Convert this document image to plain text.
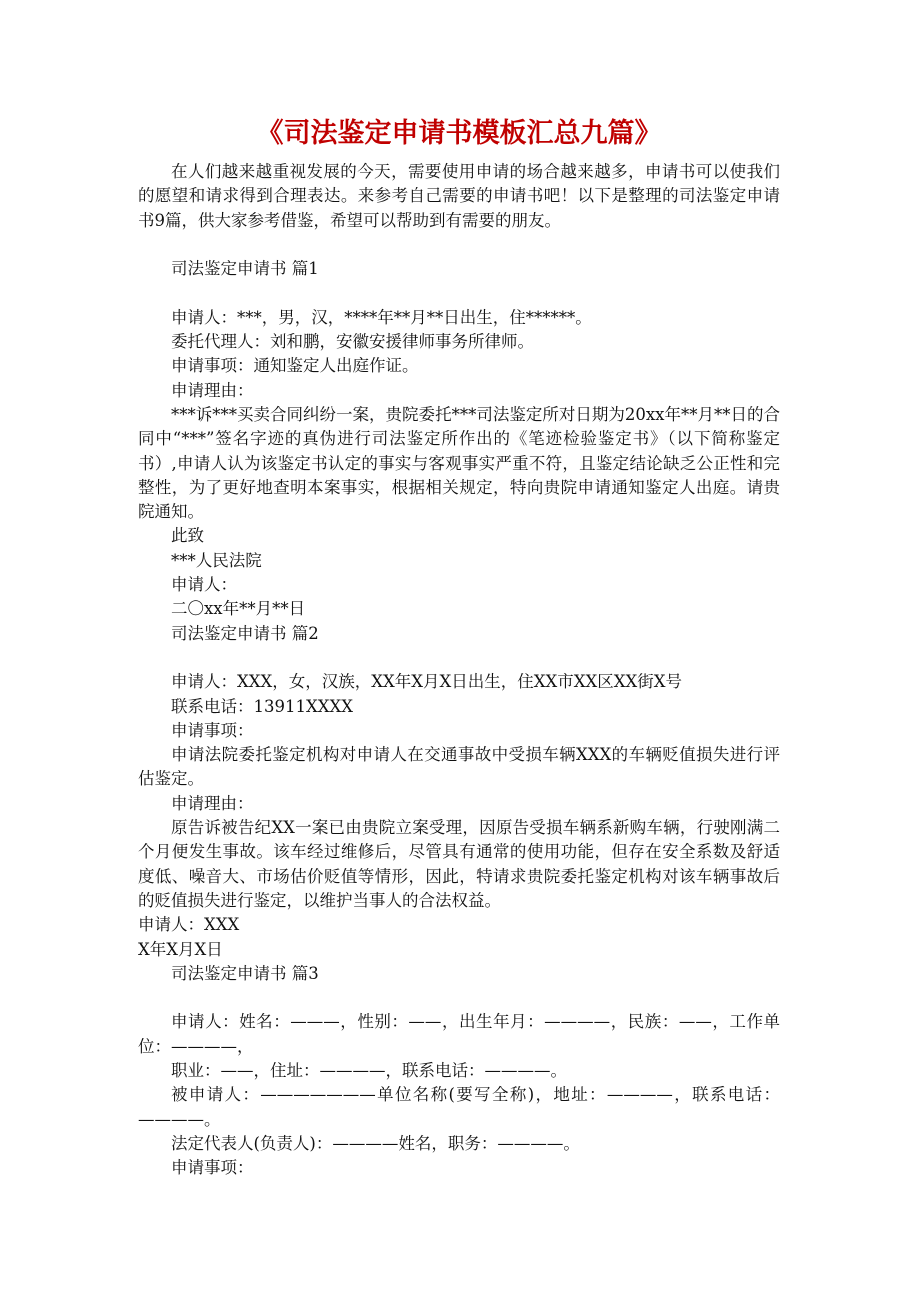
《司法鉴定申请书模板汇总九篇》

在人们越来越重视发展的今天，需要使用申请的场合越来越多，申请书可以使我们的愿望和请求得到合理表达。来参考自己需要的申请书吧！以下是整理的司法鉴定申请书9篇，供大家参考借鉴，希望可以帮助到有需要的朋友。

司法鉴定申请书 篇1

申请人：***，男，汉，****年**月**日出生，住******。

委托代理人：刘和鹏，安徽安援律师事务所律师。

申请事项：通知鉴定人出庭作证。

申请理由：

***诉***买卖合同纠纷一案，贵院委托***司法鉴定所对日期为20xx年**月**日的合同中“***”签名字迹的真伪进行司法鉴定所作出的《笔迹检验鉴定书》（以下简称鉴定书）,申请人认为该鉴定书认定的事实与客观事实严重不符，且鉴定结论缺乏公正性和完整性，为了更好地查明本案事实，根据相关规定，特向贵院申请通知鉴定人出庭。请贵院通知。

此致

***人民法院

申请人：

二〇xx年**月**日

司法鉴定申请书 篇2

申请人：XXX，女，汉族，XX年X月X日出生，住XX市XX区XX街X号

联系电话：13911XXXX

申请事项：

申请法院委托鉴定机构对申请人在交通事故中受损车辆XXX的车辆贬值损失进行评估鉴定。

申请理由：

原告诉被告纪XX一案已由贵院立案受理，因原告受损车辆系新购车辆，行驶刚满二个月便发生事故。该车经过维修后，尽管具有通常的使用功能，但存在安全系数及舒适度低、噪音大、市场估价贬值等情形，因此，特请求贵院委托鉴定机构对该车辆事故后的贬值损失进行鉴定，以维护当事人的合法权益。

申请人：XXX

X年X月X日

司法鉴定申请书 篇3

申请人：姓名：———，性别：——，出生年月：————，民族：——，工作单位：————，

职业：——，住址：————，联系电话：————。

被申请人：———————单位名称(要写全称)，地址：————，联系电话：————。

法定代表人(负责人)：————姓名，职务：————。

申请事项：
